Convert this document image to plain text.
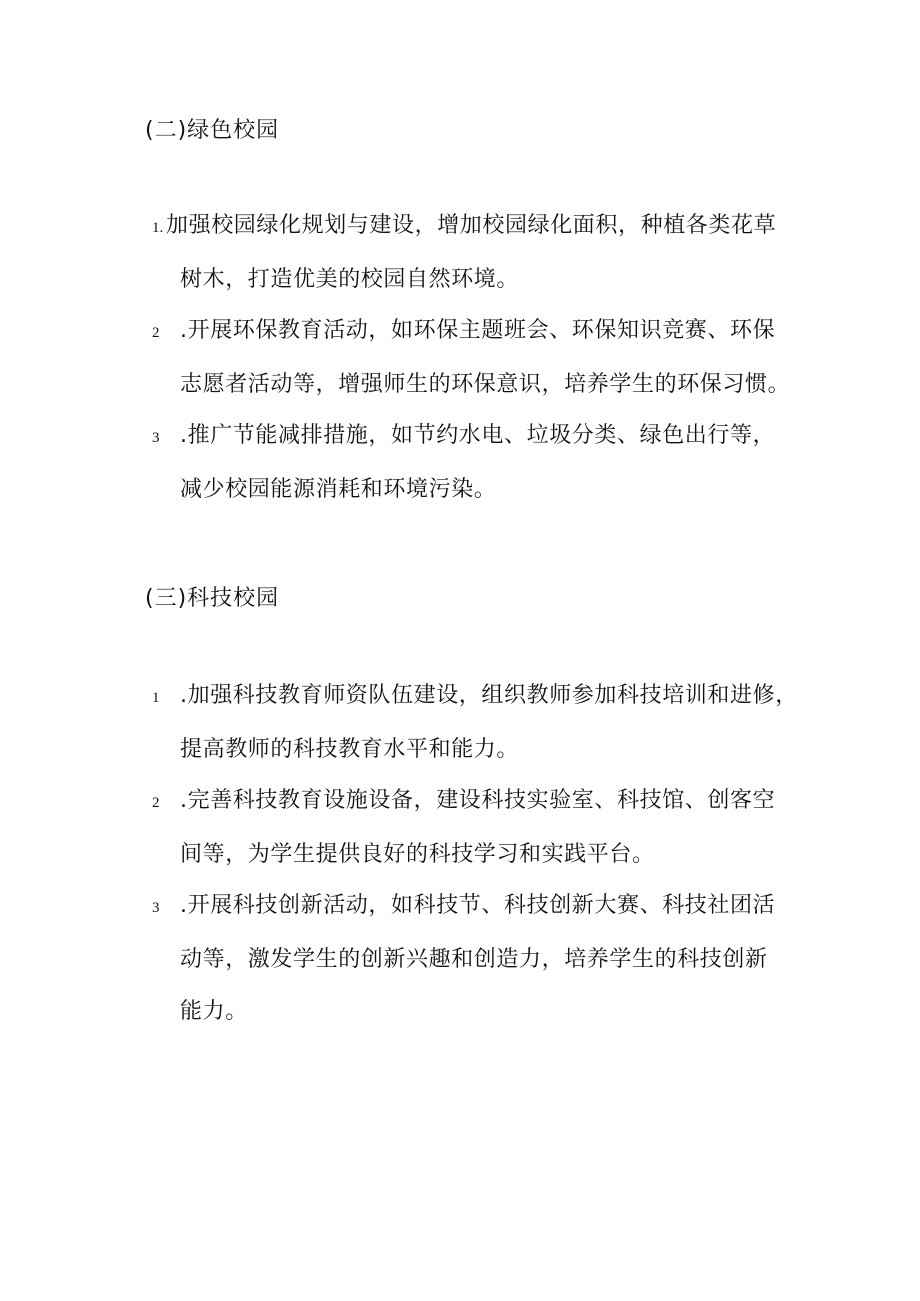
(二)绿色校园
1. 加强校园绿化规划与建设，增加校园绿化面积，种植各类花草
树木，打造优美的校园自然环境。
2 .开展环保教育活动，如环保主题班会、环保知识竞赛、环保
志愿者活动等，增强师生的环保意识，培养学生的环保习惯。
3 .推广节能减排措施，如节约水电、垃圾分类、绿色出行等，
减少校园能源消耗和环境污染。
(三)科技校园
1 .加强科技教育师资队伍建设，组织教师参加科技培训和进修，
提高教师的科技教育水平和能力。
2 .完善科技教育设施设备，建设科技实验室、科技馆、创客空
间等，为学生提供良好的科技学习和实践平台。
3 .开展科技创新活动，如科技节、科技创新大赛、科技社团活
动等，激发学生的创新兴趣和创造力，培养学生的科技创新
能力。
